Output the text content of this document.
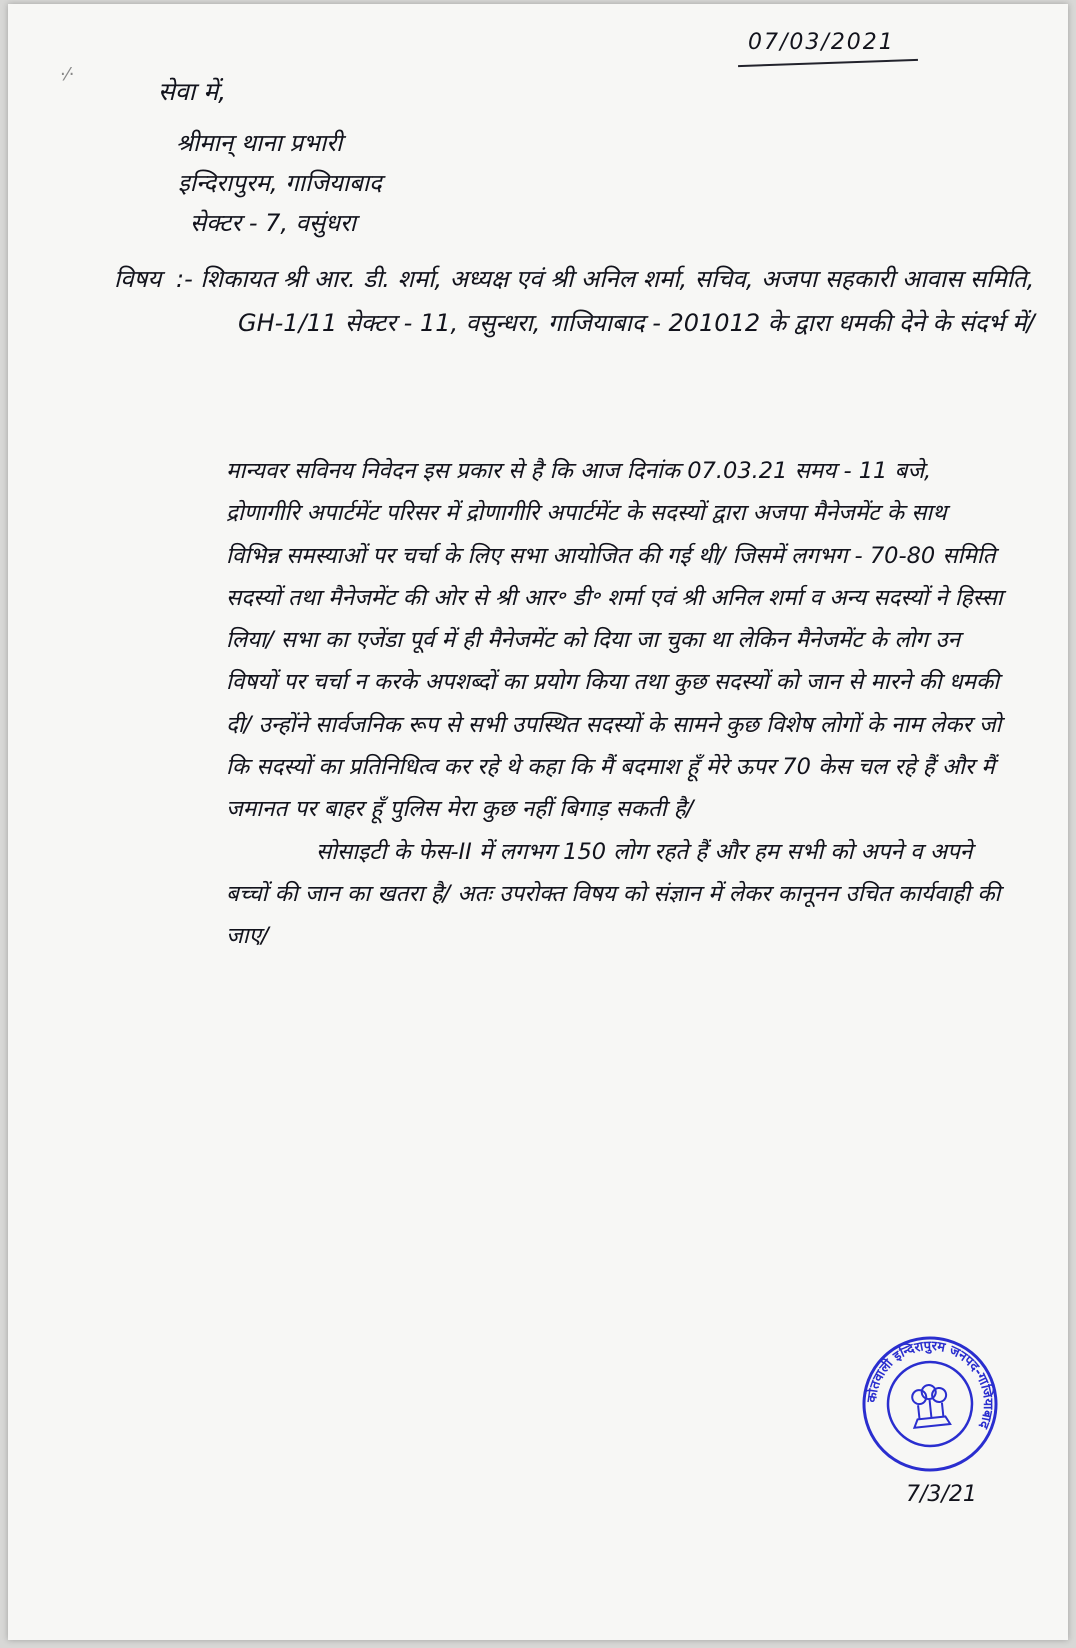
·⁄·
07/03/2021
सेवा में,
श्रीमान् थाना प्रभारी
इन्दिरापुरम, गाजियाबाद
सेक्टर - 7, वसुंधरा
विषय :- शिकायत श्री आर. डी. शर्मा, अध्यक्ष एवं श्री अनिल शर्मा, सचिव, अजपा सहकारी आवास समिति, GH-1/11 सेक्टर - 11, वसुन्धरा, गाजियाबाद - 201012 के द्वारा धमकी देने के संदर्भ में/

मान्यवर सविनय निवेदन इस प्रकार से है कि आज दिनांक 07.03.21 समय - 11 बजे, द्रोणागीरि अपार्टमेंट परिसर में द्रोणागीरि अपार्टमेंट के सदस्यों द्वारा अजपा मैनेजमेंट के साथ विभिन्न समस्याओं पर चर्चा के लिए सभा आयोजित की गई थी/ जिसमें लगभग - 70-80 समिति सदस्यों तथा मैनेजमेंट की ओर से श्री आर॰ डी॰ शर्मा एवं श्री अनिल शर्मा व अन्य सदस्यों ने हिस्सा लिया/ सभा का एजेंडा पूर्व में ही मैनेजमेंट को दिया जा चुका था लेकिन मैनेजमेंट के लोग उन विषयों पर चर्चा न करके अपशब्दों का प्रयोग किया तथा कुछ सदस्यों को जान से मारने की धमकी दी/ उन्होंने सार्वजनिक रूप से सभी उपस्थित सदस्यों के सामने कुछ विशेष लोगों के नाम लेकर जो कि सदस्यों का प्रतिनिधित्व कर रहे थे कहा कि मैं बदमाश हूँ मेरे ऊपर 70 केस चल रहे हैं और मैं जमानत पर बाहर हूँ पुलिस मेरा कुछ नहीं बिगाड़ सकती है/

सोसाइटी के फेस-II में लगभग 150 लोग रहते हैं और हम सभी को अपने व अपने बच्चों की जान का खतरा है/ अतः उपरोक्त विषय को संज्ञान में लेकर कानूनन उचित कार्यवाही की जाए/

कोतवाली इन्दिरापुरम जनपद-गाजियाबाद
7/3/21
